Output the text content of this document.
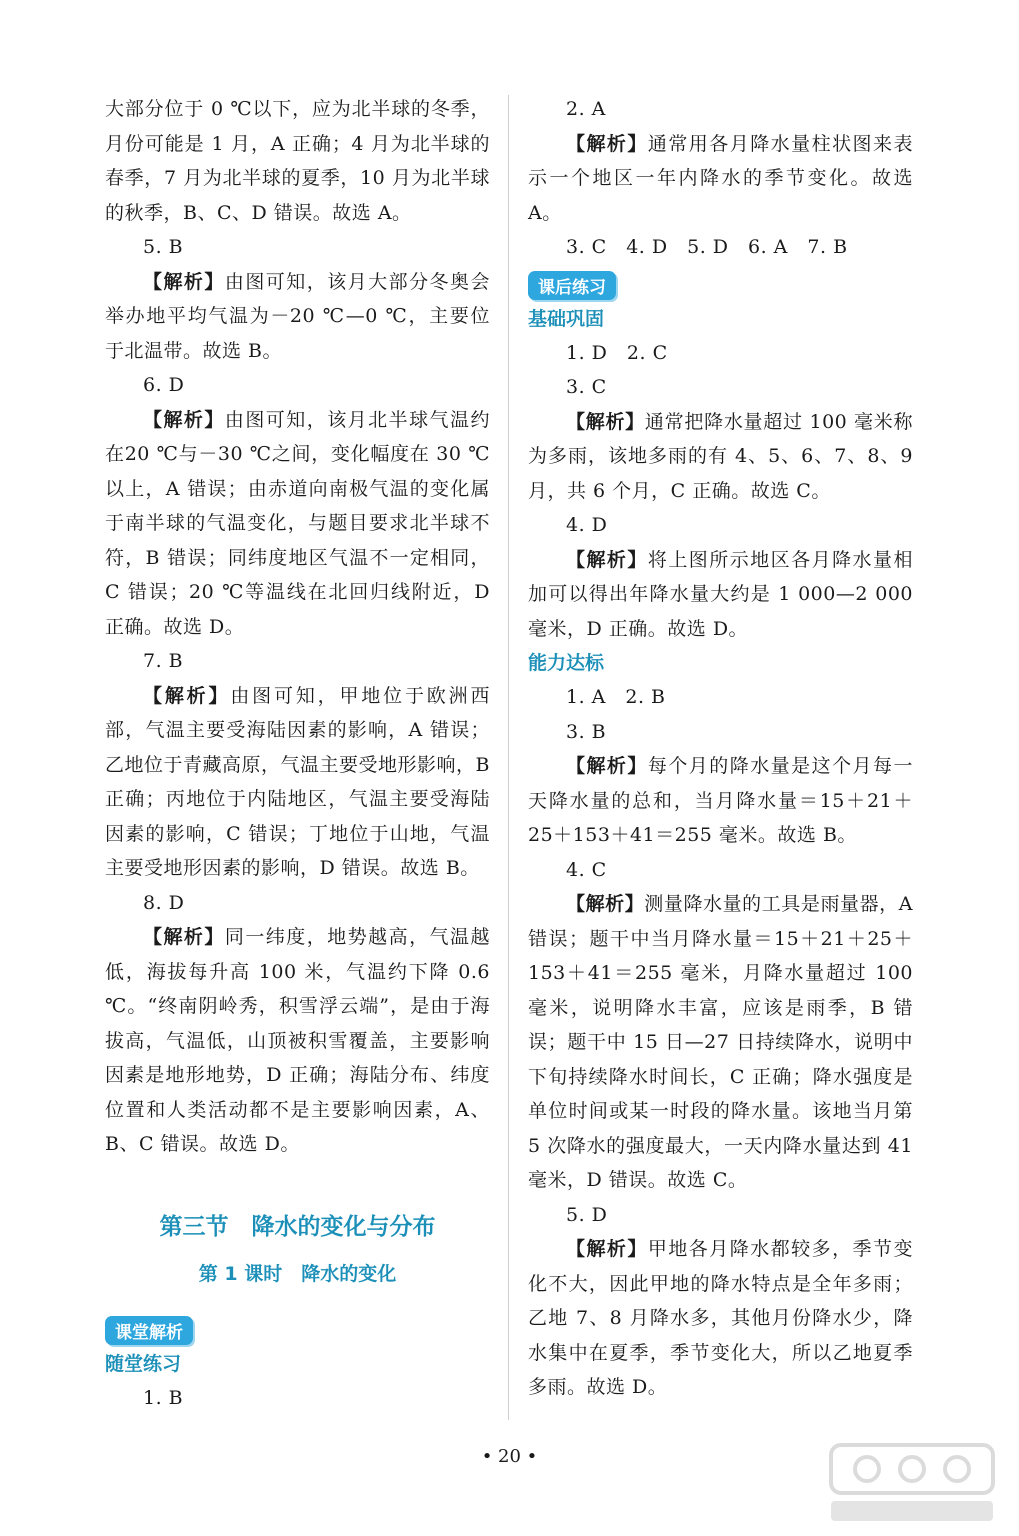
大部分位于 0 ℃以下，应为北半球的冬季，月份可能是 1 月，A 正确；4 月为北半球的春季，7 月为北半球的夏季，10 月为北半球的秋季，B、C、D 错误。故选 A。

5. B

【解析】由图可知，该月大部分冬奥会举办地平均气温为－20 ℃—0 ℃，主要位于北温带。故选 B。

6. D

【解析】由图可知，该月北半球气温约在20 ℃与－30 ℃之间，变化幅度在 30 ℃以上，A 错误；由赤道向南极气温的变化属于南半球的气温变化，与题目要求北半球不符，B 错误；同纬度地区气温不一定相同，C 错误；20 ℃等温线在北回归线附近，D 正确。故选 D。

7. B

【解析】由图可知，甲地位于欧洲西部，气温主要受海陆因素的影响，A 错误；乙地位于青藏高原，气温主要受地形影响，B 正确；丙地位于内陆地区，气温主要受海陆因素的影响，C 错误；丁地位于山地，气温主要受地形因素的影响，D 错误。故选 B。

8. D

【解析】同一纬度，地势越高，气温越低，海拔每升高 100 米，气温约下降 0.6 ℃。“终南阴岭秀，积雪浮云端”，是由于海拔高，气温低，山顶被积雪覆盖，主要影响因素是地形地势，D 正确；海陆分布、纬度位置和人类活动都不是主要影响因素，A、B、C 错误。故选 D。

第三节　降水的变化与分布
第 1 课时　降水的变化
课堂解析
随堂练习

1. B

2. A

【解析】通常用各月降水量柱状图来表示一个地区一年内降水的季节变化。故选 A。

3. C　4. D　5. D　6. A　7. B

课后练习
基础巩固

1. D　2. C

3. C

【解析】通常把降水量超过 100 毫米称为多雨，该地多雨的有 4、5、6、7、8、9 月，共 6 个月，C 正确。故选 C。

4. D

【解析】将上图所示地区各月降水量相加可以得出年降水量大约是 1 000—2 000 毫米，D 正确。故选 D。

能力达标

1. A　2. B

3. B

【解析】每个月的降水量是这个月每一天降水量的总和，当月降水量＝15＋21＋25＋153＋41＝255 毫米。故选 B。

4. C

【解析】测量降水量的工具是雨量器，A 错误；题干中当月降水量＝15＋21＋25＋153＋41＝255 毫米，月降水量超过 100 毫米，说明降水丰富，应该是雨季，B 错误；题干中 15 日—27 日持续降水，说明中下旬持续降水时间长，C 正确；降水强度是单位时间或某一时段的降水量。该地当月第 5 次降水的强度最大，一天内降水量达到 41 毫米，D 错误。故选 C。

5. D

【解析】甲地各月降水都较多，季节变化不大，因此甲地的降水特点是全年多雨；乙地 7、8 月降水多，其他月份降水少，降水集中在夏季，季节变化大，所以乙地夏季多雨。故选 D。

• 20 •
